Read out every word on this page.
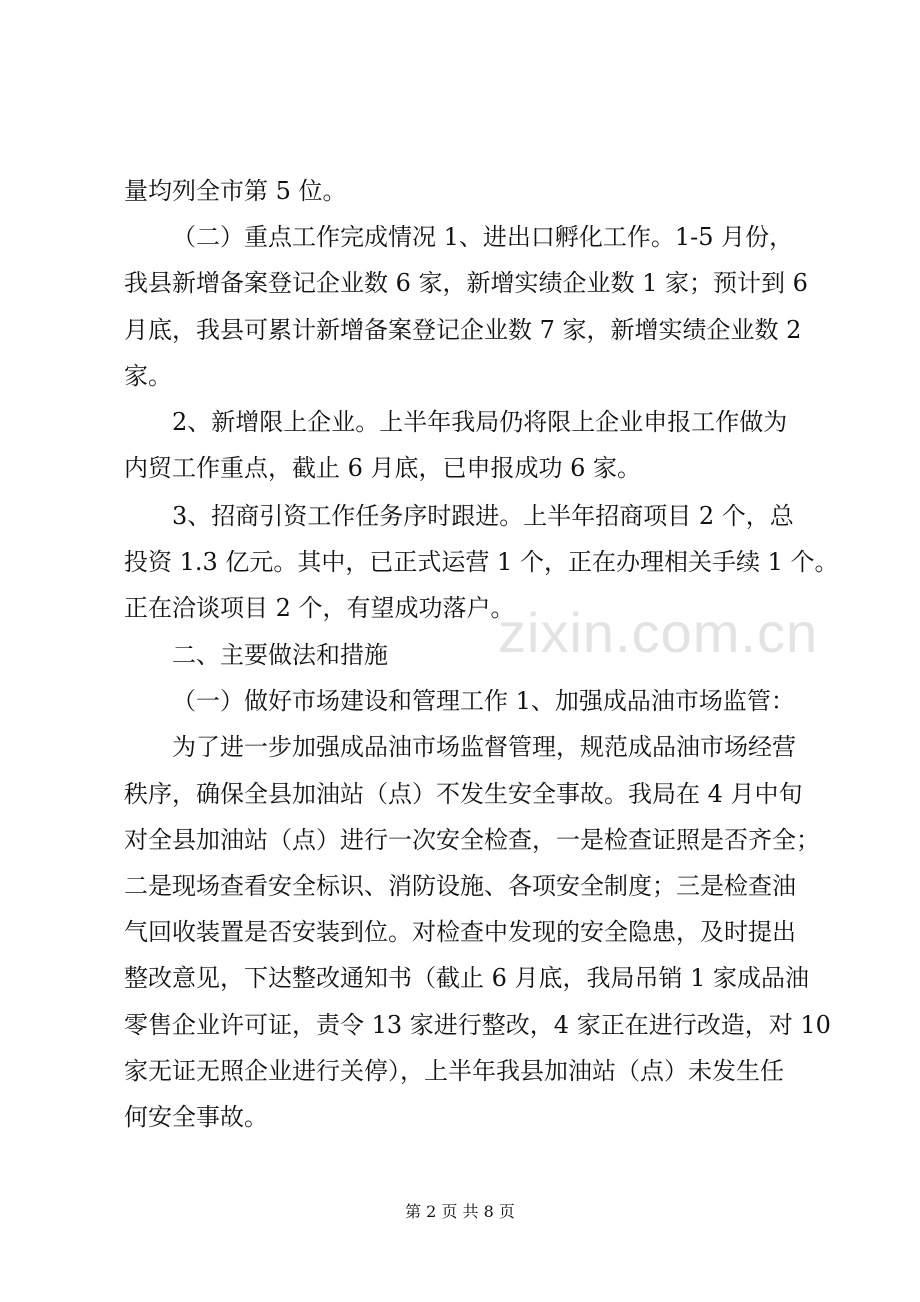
zixin.com.cn
量均列全市第 5 位。
（二）重点工作完成情况 1、进出口孵化工作。1-5 月份，
我县新增备案登记企业数 6 家，新增实绩企业数 1 家；预计到 6
月底，我县可累计新增备案登记企业数 7 家，新增实绩企业数 2
家。
2、新增限上企业。上半年我局仍将限上企业申报工作做为
内贸工作重点，截止 6 月底，已申报成功 6 家。
3、招商引资工作任务序时跟进。上半年招商项目 2 个，总
投资 1.3 亿元。其中，已正式运营 1 个，正在办理相关手续 1 个。
正在洽谈项目 2 个，有望成功落户。
二、主要做法和措施
（一）做好市场建设和管理工作 1、加强成品油市场监管：
为了进一步加强成品油市场监督管理，规范成品油市场经营
秩序，确保全县加油站（点）不发生安全事故。我局在 4 月中旬
对全县加油站（点）进行一次安全检查，一是检查证照是否齐全；
二是现场查看安全标识、消防设施、各项安全制度；三是检查油
气回收装置是否安装到位。对检查中发现的安全隐患，及时提出
整改意见，下达整改通知书（截止 6 月底，我局吊销 1 家成品油
零售企业许可证，责令 13 家进行整改，4 家正在进行改造，对 10
家无证无照企业进行关停），上半年我县加油站（点）未发生任
何安全事故。
第 2 页 共 8 页
